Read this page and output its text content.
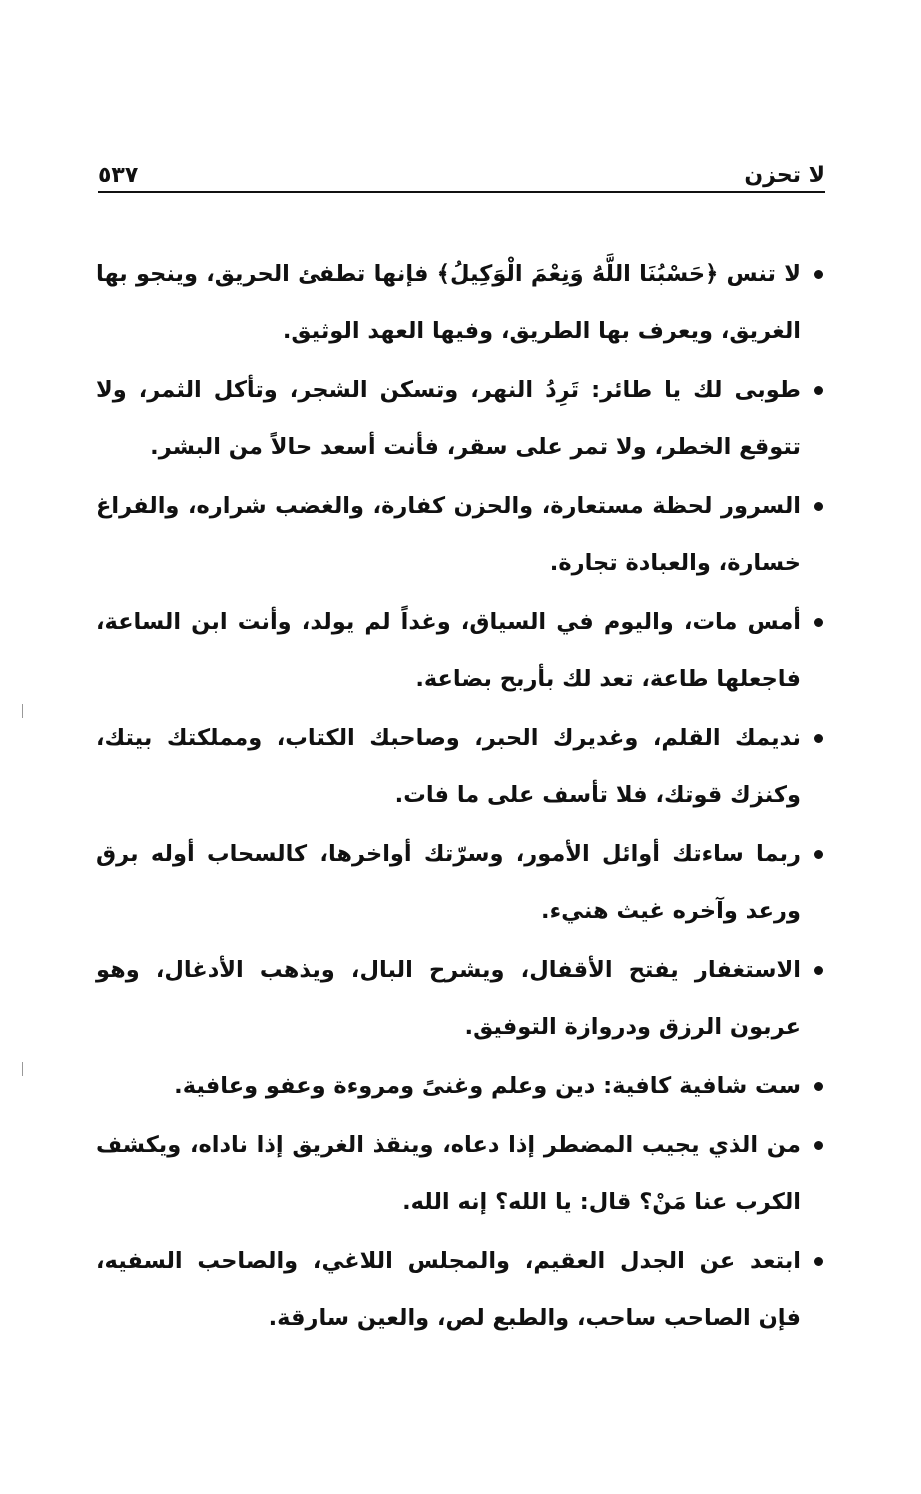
لا تحزن
٥٣٧
لا تنس ﴿حَسْبُنَا اللَّهُ وَنِعْمَ الْوَكِيلُ﴾ فإنها تطفئ الحريق، وينجو بها الغريق، ويعرف بها الطريق، وفيها العهد الوثيق.
طوبى لك يا طائر: تَرِدُ النهر، وتسكن الشجر، وتأكل الثمر، ولا تتوقع الخطر، ولا تمر على سقر، فأنت أسعد حالاً من البشر.
السرور لحظة مستعارة، والحزن كفارة، والغضب شراره، والفراغ خسارة، والعبادة تجارة.
أمس مات، واليوم في السياق، وغداً لم يولد، وأنت ابن الساعة، فاجعلها طاعة، تعد لك بأربح بضاعة.
نديمك القلم، وغديرك الحبر، وصاحبك الكتاب، ومملكتك بيتك، وكنزك قوتك، فلا تأسف على ما فات.
ربما ساءتك أوائل الأمور، وسرّتك أواخرها، كالسحاب أوله برق ورعد وآخره غيث هنيء.
الاستغفار يفتح الأقفال، ويشرح البال، ويذهب الأدغال، وهو عربون الرزق ودروازة التوفيق.
ست شافية كافية: دين وعلم وغنىً ومروءة وعفو وعافية.
من الذي يجيب المضطر إذا دعاه، وينقذ الغريق إذا ناداه، ويكشف الكرب عنا مَنْ؟ قال: يا الله؟ إنه الله.
ابتعد عن الجدل العقيم، والمجلس اللاغي، والصاحب السفيه، فإن الصاحب ساحب، والطبع لص، والعين سارقة.
